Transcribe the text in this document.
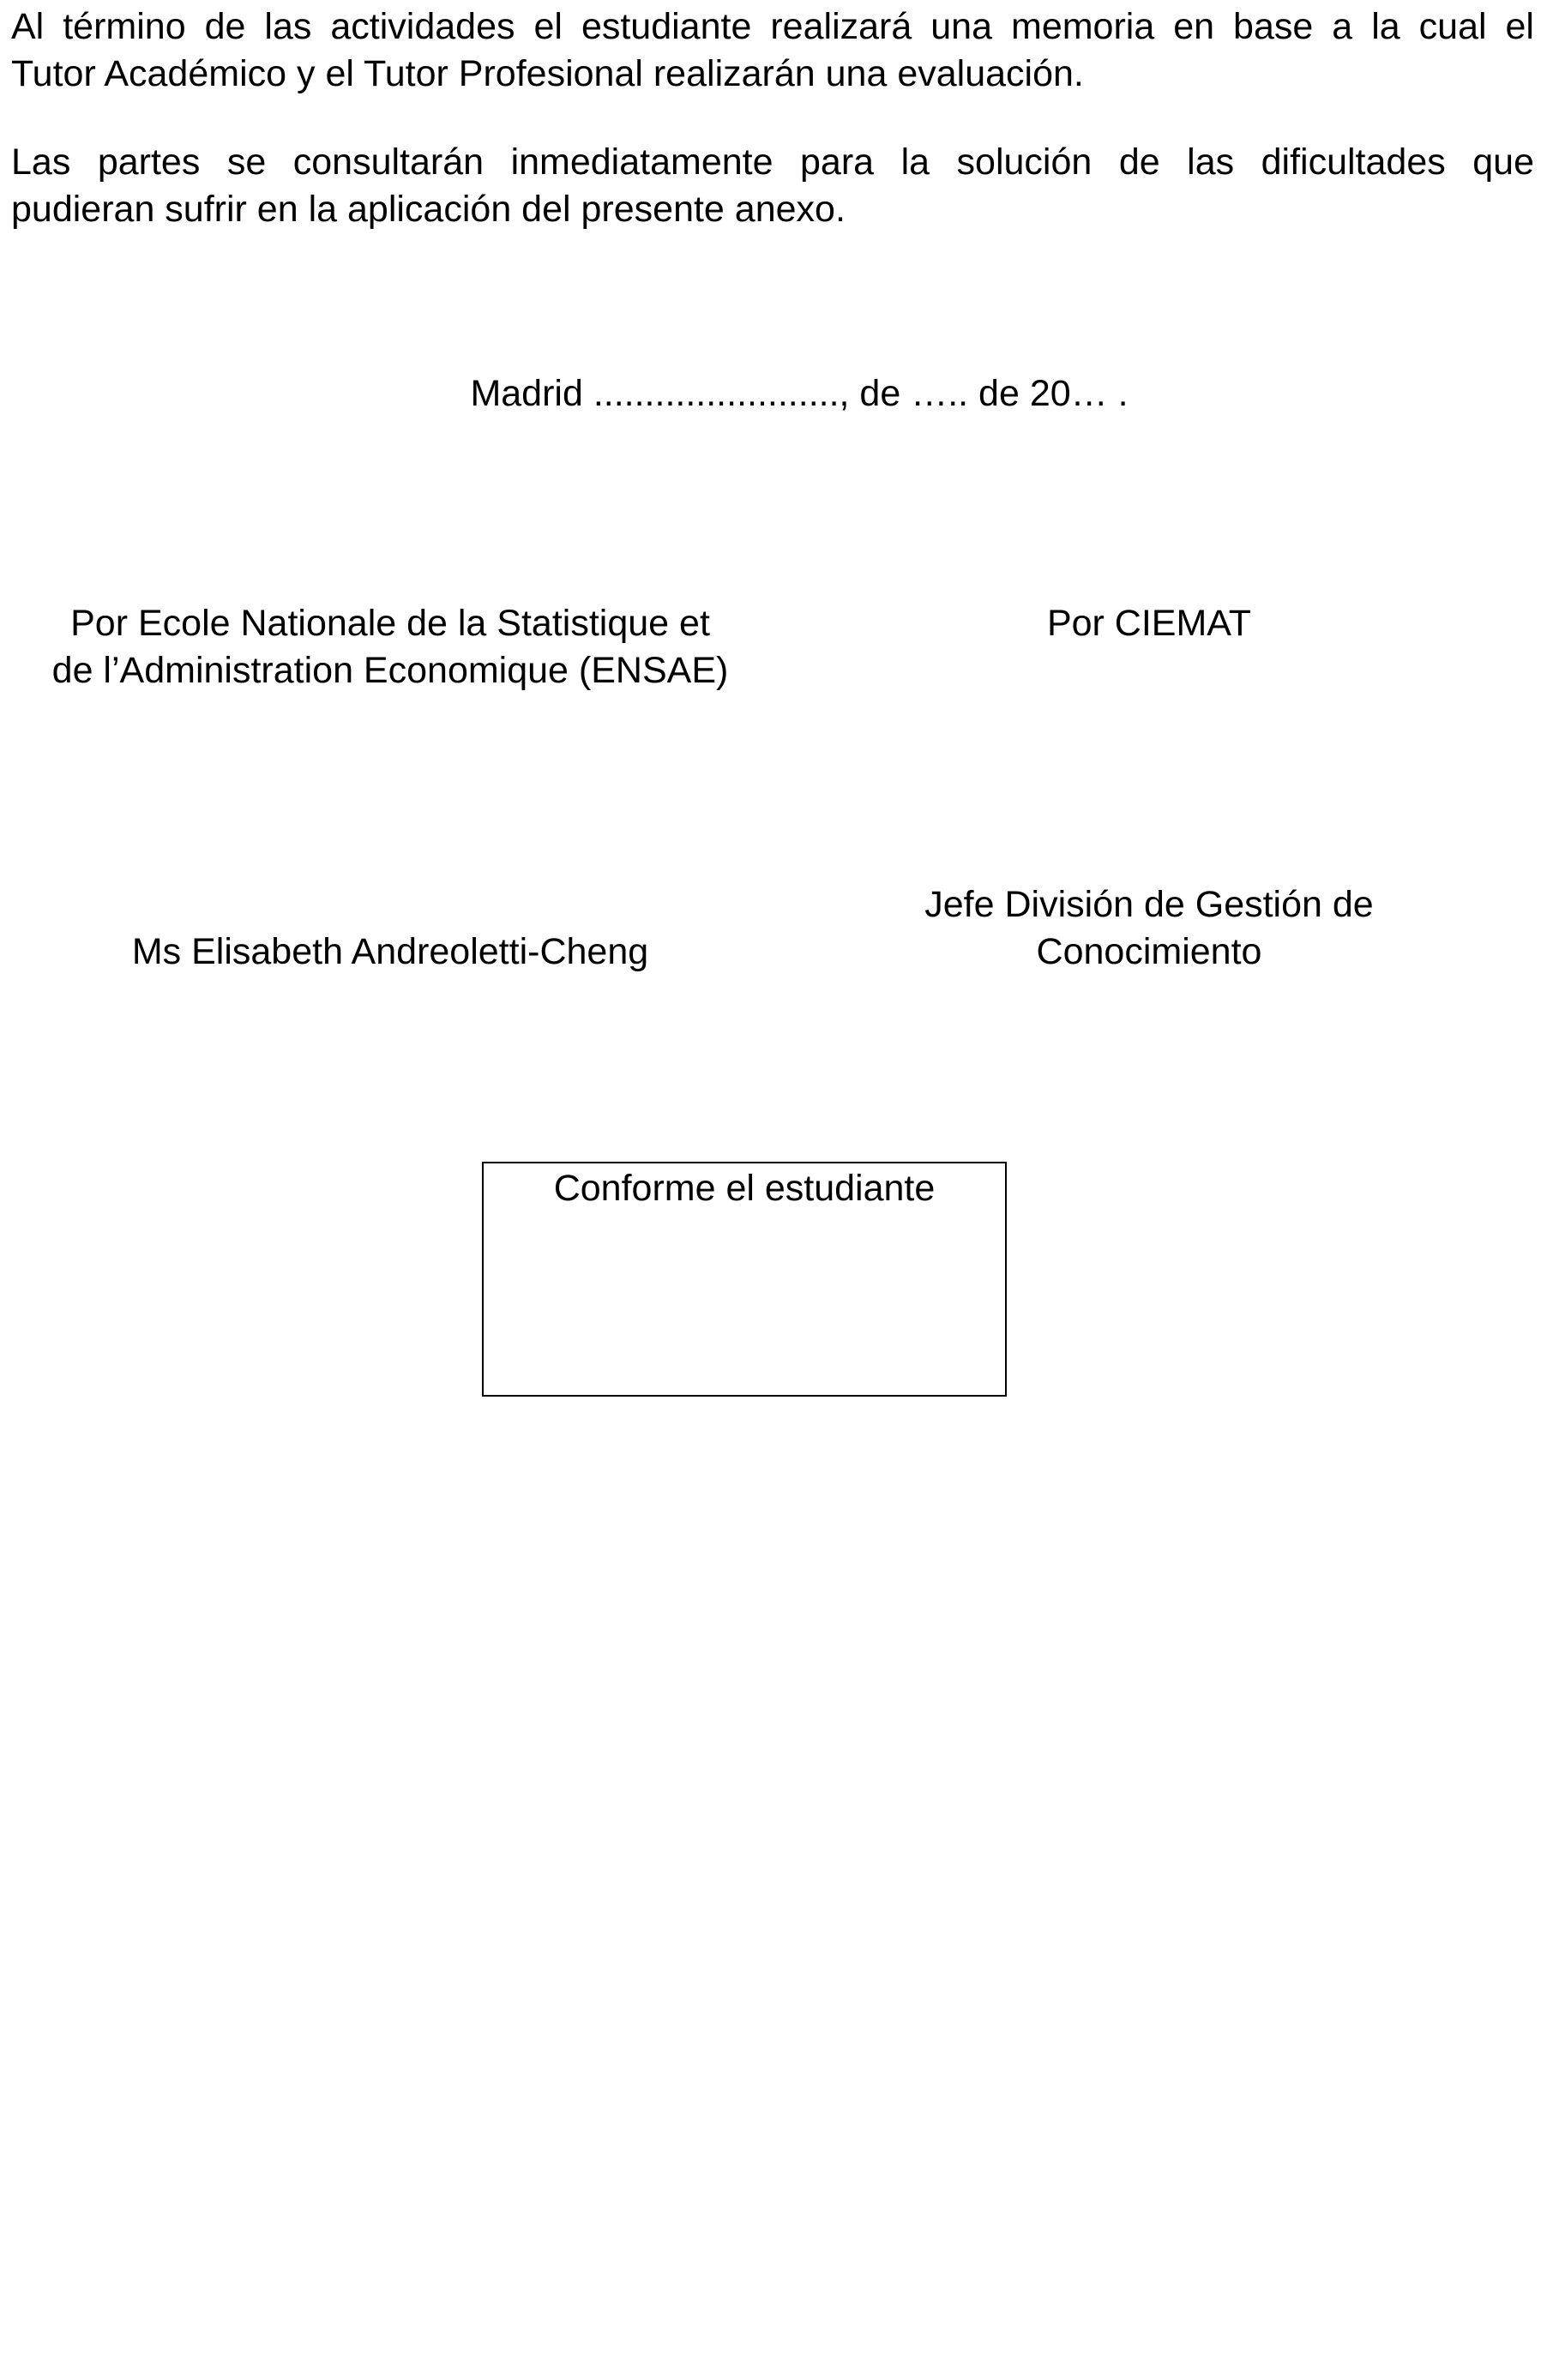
Al término de las actividades el estudiante realizará una memoria en base a la cual el
Tutor Académico y el Tutor Profesional realizarán una evaluación.

Las partes se consultarán inmediatamente para la solución de las dificultades que
pudieran sufrir en la aplicación del presente anexo.

Madrid ........................, de ….. de 20… .

Por Ecole Nationale de la Statistique et
de l’Administration Economique (ENSAE)

Por CIEMAT

Ms Elisabeth Andreoletti-Cheng

Jefe División de Gestión de
Conocimiento

Conforme el estudiante
